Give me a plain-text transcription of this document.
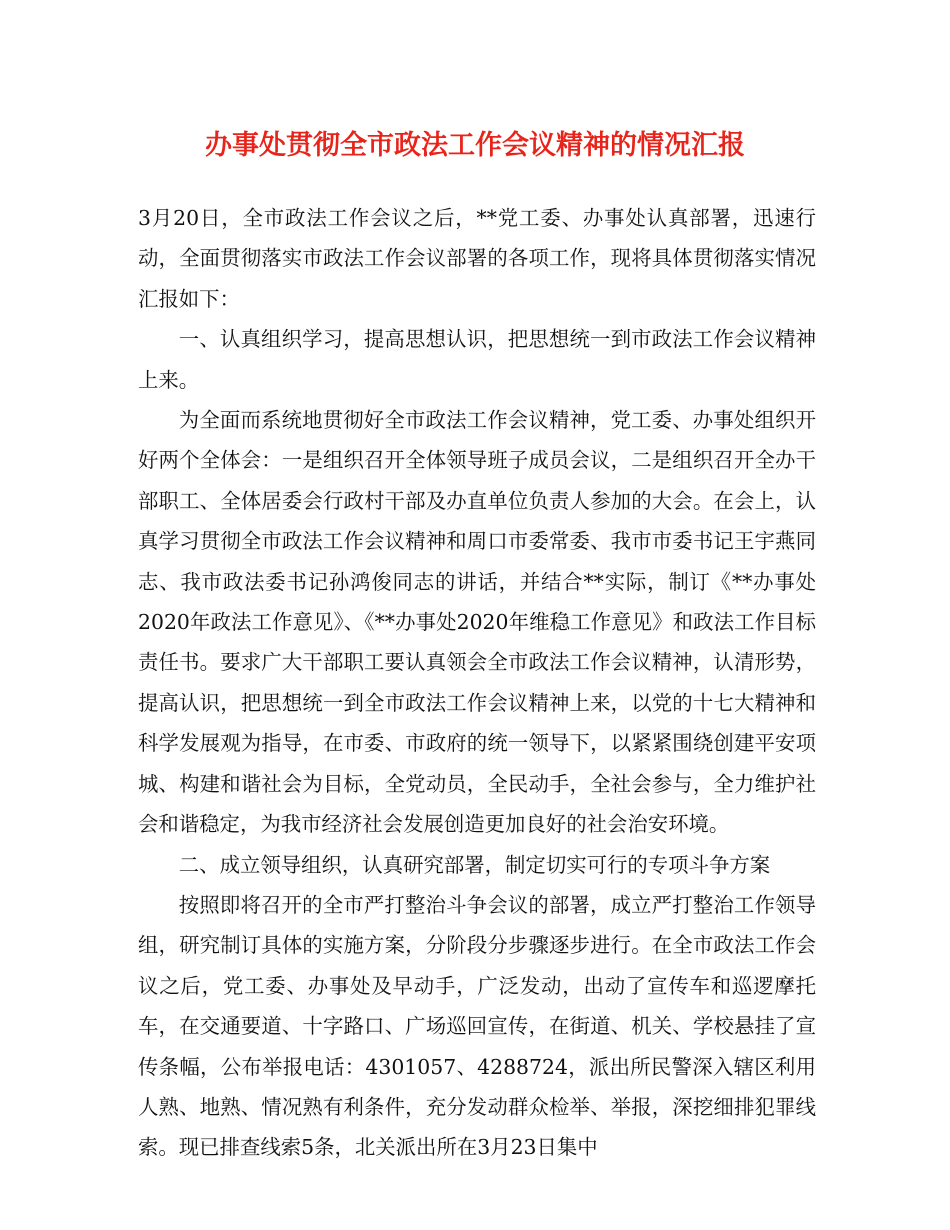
办事处贯彻全市政法工作会议精神的情况汇报

3月20日，全市政法工作会议之后，**党工委、办事处认真部署，迅速行动，全面贯彻落实市政法工作会议部署的各项工作，现将具体贯彻落实情况汇报如下：

一、认真组织学习，提高思想认识，把思想统一到市政法工作会议精神上来。

为全面而系统地贯彻好全市政法工作会议精神，党工委、办事处组织开好两个全体会：一是组织召开全体领导班子成员会议，二是组织召开全办干部职工、全体居委会行政村干部及办直单位负责人参加的大会。在会上，认真学习贯彻全市政法工作会议精神和周口市委常委、我市市委书记王宇燕同志、我市政法委书记孙鸿俊同志的讲话，并结合**实际，制订《**办事处2020年政法工作意见》、《**办事处2020年维稳工作意见》和政法工作目标责任书。要求广大干部职工要认真领会全市政法工作会议精神，认清形势，提高认识，把思想统一到全市政法工作会议精神上来，以党的十七大精神和科学发展观为指导，在市委、市政府的统一领导下，以紧紧围绕创建平安项城、构建和谐社会为目标，全党动员，全民动手，全社会参与，全力维护社会和谐稳定，为我市经济社会发展创造更加良好的社会治安环境。

二、成立领导组织，认真研究部署，制定切实可行的专项斗争方案

按照即将召开的全市严打整治斗争会议的部署，成立严打整治工作领导组，研究制订具体的实施方案，分阶段分步骤逐步进行。在全市政法工作会议之后，党工委、办事处及早动手，广泛发动，出动了宣传车和巡逻摩托车，在交通要道、十字路口、广场巡回宣传，在街道、机关、学校悬挂了宣传条幅，公布举报电话：4301057、4288724，派出所民警深入辖区利用人熟、地熟、情况熟有利条件，充分发动群众检举、举报，深挖细排犯罪线索。现已排查线索5条，北关派出所在3月23日集中
